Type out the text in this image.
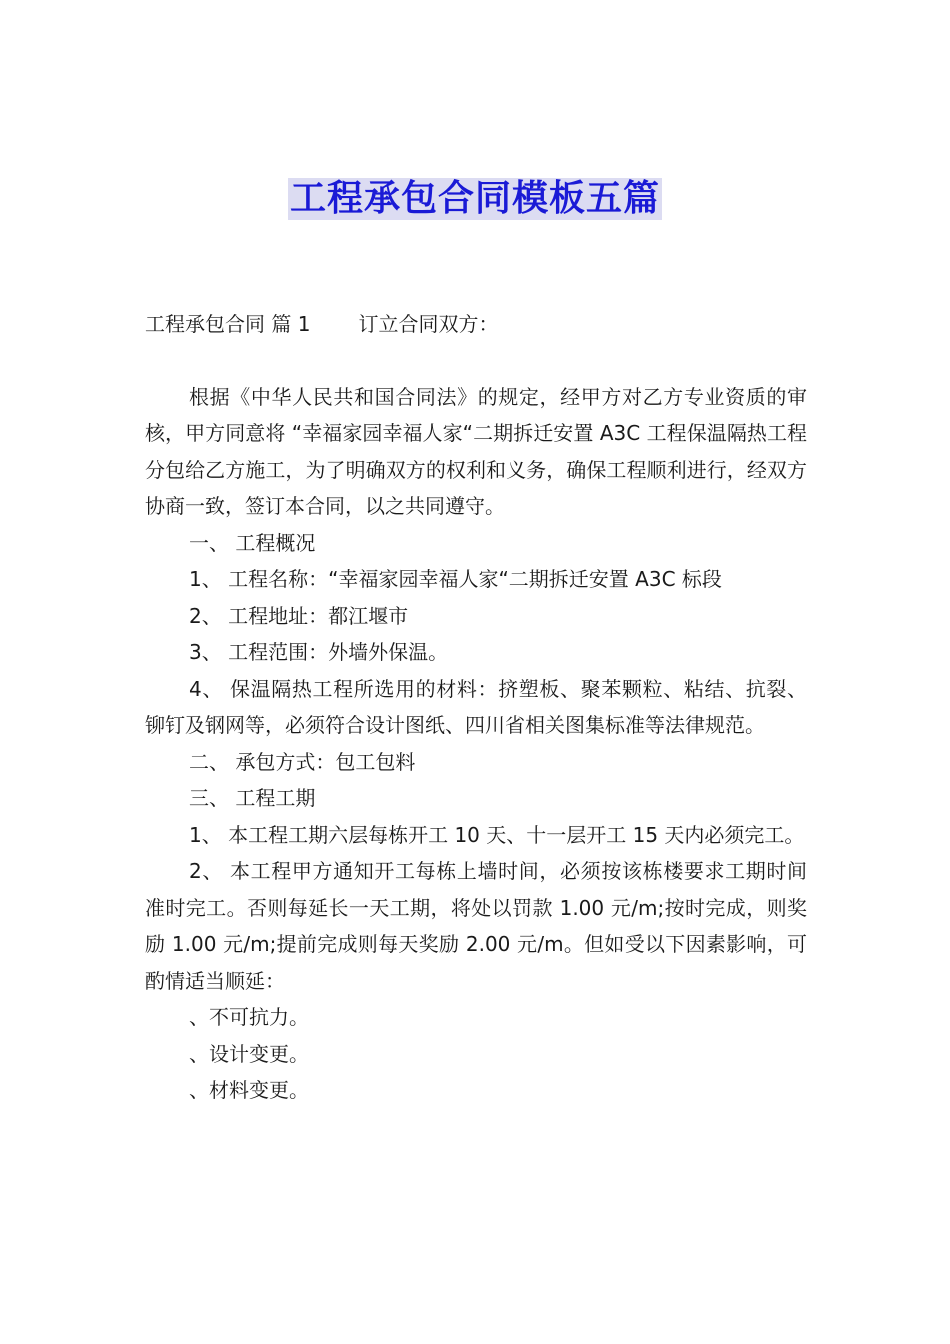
工程承包合同模板五篇

工程承包合同 篇 1 订立合同双方：

根据《中华人民共和国合同法》的规定，经甲方对乙方专业资质的审核，甲方同意将 “幸福家园幸福人家“二期拆迁安置 A3C 工程保温隔热工程分包给乙方施工，为了明确双方的权利和义务，确保工程顺利进行，经双方协商一致，签订本合同，以之共同遵守。

一、 工程概况

1、 工程名称：“幸福家园幸福人家“二期拆迁安置 A3C 标段

2、 工程地址：都江堰市

3、 工程范围：外墙外保温。

4、 保温隔热工程所选用的材料：挤塑板、聚苯颗粒、粘结、抗裂、铆钉及钢网等，必须符合设计图纸、四川省相关图集标准等法律规范。

二、 承包方式：包工包料

三、 工程工期

1、 本工程工期六层每栋开工 10 天、十一层开工 15 天内必须完工。

2、 本工程甲方通知开工每栋上墙时间，必须按该栋楼要求工期时间准时完工。否则每延长一天工期，将处以罚款 1.00 元/m;按时完成，则奖励 1.00 元/m;提前完成则每天奖励 2.00 元/m。但如受以下因素影响，可酌情适当顺延：

、不可抗力。

、设计变更。

、材料变更。
